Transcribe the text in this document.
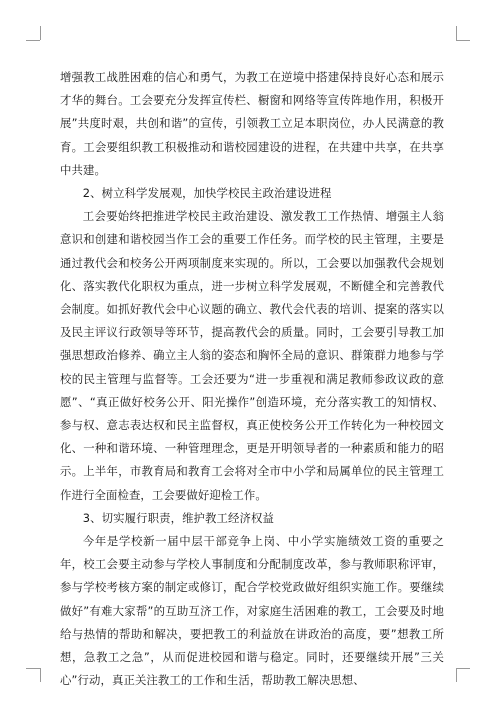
增强教工战胜困难的信心和勇气，为教工在逆境中搭建保持良好心态和展示才华的舞台。工会要充分发挥宣传栏、橱窗和网络等宣传阵地作用，积极开展”共度时艰，共创和谐”的宣传，引领教工立足本职岗位，办人民满意的教育。工会要组织教工积极推动和谐校园建设的进程，在共建中共享，在共享中共建。

2、树立科学发展观，加快学校民主政治建设进程

工会要始终把推进学校民主政治建设、激发教工工作热情、增强主人翁意识和创建和谐校园当作工会的重要工作任务。而学校的民主管理，主要是通过教代会和校务公开两项制度来实现的。所以，工会要以加强教代会规划化、落实教代化职权为重点，进一步树立科学发展观，不断健全和完善教代会制度。如抓好教代会中心议题的确立、教代会代表的培训、提案的落实以及民主评议行政领导等环节，提高教代会的质量。同时，工会要引导教工加强思想政治修养、确立主人翁的姿态和胸怀全局的意识、群策群力地参与学校的民主管理与监督等。工会还要为“进一步重视和满足教师参政议政的意愿”、“真正做好校务公开、阳光操作”创造环境，充分落实教工的知情权、参与权、意志表达权和民主监督权，真正使校务公开工作转化为一种校园文化、一种和谐环境、一种管理理念，更是开明领导者的一种素质和能力的昭示。上半年，市教育局和教育工会将对全市中小学和局属单位的民主管理工作进行全面检查，工会要做好迎检工作。

3、切实履行职责，维护教工经济权益

今年是学校新一届中层干部竞争上岗、中小学实施绩效工资的重要之年，校工会要主动参与学校人事制度和分配制度改革，参与教师职称评审，参与学校考核方案的制定或修订，配合学校党政做好组织实施工作。要继续做好”有难大家帮”的互助互济工作，对家庭生活困难的教工，工会要及时地给与热情的帮助和解决，要把教工的利益放在讲政治的高度，要”想教工所想，急教工之急”，从而促进校园和谐与稳定。同时，还要继续开展”三关心”行动，真正关注教工的工作和生活，帮助教工解决思想、
